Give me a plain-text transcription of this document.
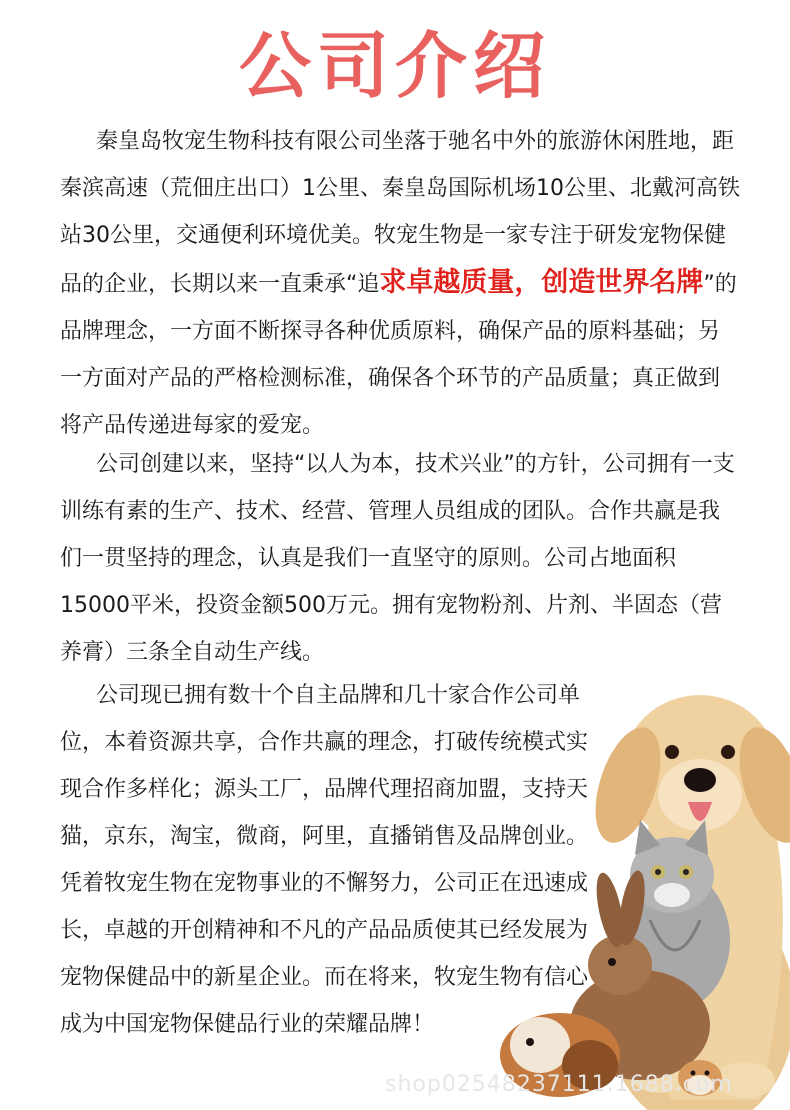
公司介绍

秦皇岛牧宠生物科技有限公司坐落于驰名中外的旅游休闲胜地，距秦滨高速（荒佃庄出口）1公里、秦皇岛国际机场10公里、北戴河高铁站30公里，交通便利环境优美。牧宠生物是一家专注于研发宠物保健品的企业，长期以来一直秉承“追求卓越质量，创造世界名牌”的品牌理念，一方面不断探寻各种优质原料，确保产品的原料基础；另一方面对产品的严格检测标准，确保各个环节的产品质量；真正做到将产品传递进每家的爱宠。

公司创建以来，坚持“以人为本，技术兴业”的方针，公司拥有一支训练有素的生产、技术、经营、管理人员组成的团队。合作共赢是我们一贯坚持的理念，认真是我们一直坚守的原则。公司占地面积15000平米，投资金额500万元。拥有宠物粉剂、片剂、半固态（营养膏）三条全自动生产线。

公司现已拥有数十个自主品牌和几十家合作公司单位，本着资源共享，合作共赢的理念，打破传统模式实现合作多样化；源头工厂，品牌代理招商加盟，支持天猫，京东，淘宝，微商，阿里，直播销售及品牌创业。凭着牧宠生物在宠物事业的不懈努力，公司正在迅速成长，卓越的开创精神和不凡的产品品质使其已经发展为宠物保健品中的新星企业。而在将来，牧宠生物有信心成为中国宠物保健品行业的荣耀品牌！

shop02548237111.1688.com
